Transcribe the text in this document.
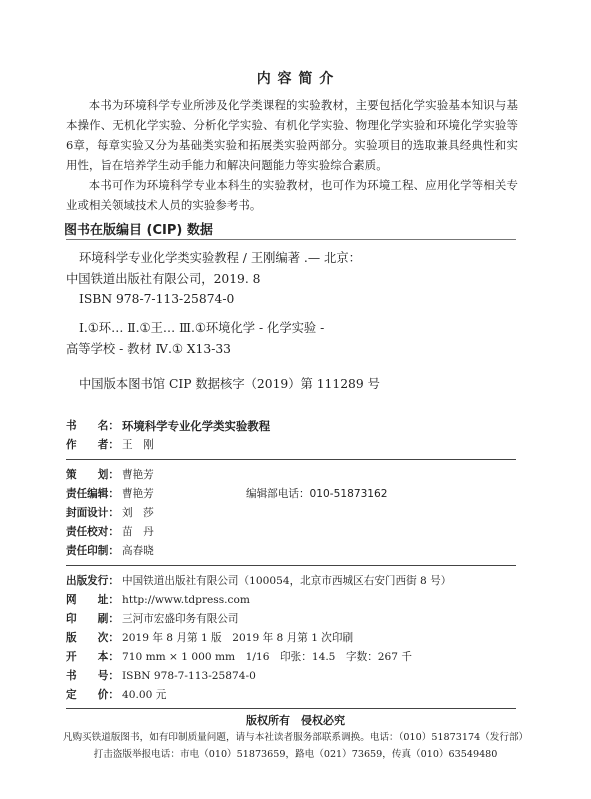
内 容 简 介

本书为环境科学专业所涉及化学类课程的实验教材，主要包括化学实验基本知识与基本操作、无机化学实验、分析化学实验、有机化学实验、物理化学实验和环境化学实验等6章，每章实验又分为基础类实验和拓展类实验两部分。实验项目的选取兼具经典性和实用性，旨在培养学生动手能力和解决问题能力等实验综合素质。

本书可作为环境科学专业本科生的实验教材，也可作为环境工程、应用化学等相关专业或相关领域技术人员的实验参考书。

图书在版编目 (CIP) 数据
环境科学专业化学类实验教程 / 王刚编著 .— 北京：
中国铁道出版社有限公司，2019. 8
ISBN 978-7-113-25874-0
Ⅰ.①环… Ⅱ.①王… Ⅲ.①环境化学 - 化学实验 -
高等学校 - 教材 Ⅳ.① X13-33
中国版本图书馆 CIP 数据核字（2019）第 111289 号
书　　名： 环境科学专业化学类实验教程
作　　者： 王　刚
策　　划： 曹艳芳
责任编辑： 曹艳芳	编辑部电话：010-51873162
封面设计： 刘　莎
责任校对： 苗　丹
责任印制： 高春晓
出版发行： 中国铁道出版社有限公司（100054，北京市西城区右安门西街 8 号）
网　　址： http://www.tdpress.com
印　　刷： 三河市宏盛印务有限公司
版　　次： 2019 年 8 月第 1 版　2019 年 8 月第 1 次印刷
开　　本： 710 mm × 1 000 mm　1/16　印张：14.5　字数：267 千
书　　号： ISBN 978-7-113-25874-0
定　　价： 40.00 元
版权所有　侵权必究
凡购买铁道版图书，如有印制质量问题，请与本社读者服务部联系调换。电话：（010）51873174（发行部）
打击盗版举报电话：市电（010）51873659，路电（021）73659，传真（010）63549480
